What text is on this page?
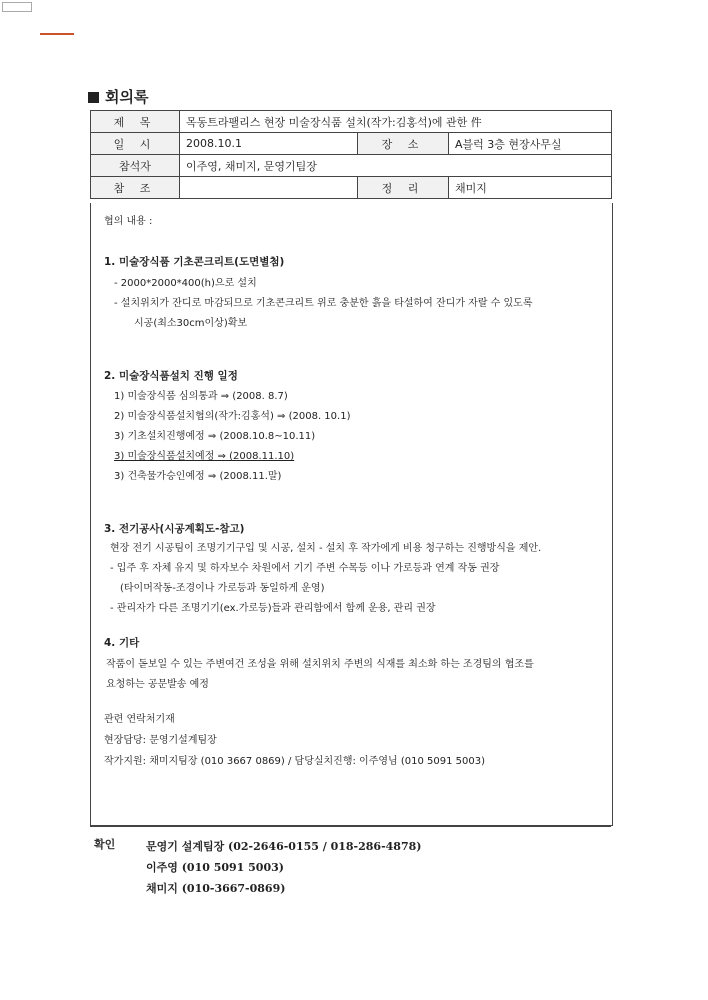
회의록
제 목	목동트라팰리스 현장 미술장식품 설치(작가:김홍석)에 관한 件		
일 시	2008.10.1	장 소	A블럭 3층 현장사무실
참석자	이주영, 채미지, 문영기팀장		
참 조		정 리	채미지

협의 내용 :

1. 미술장식품 기초콘크리트(도면별첨)

- 2000*2000*400(h)으로 설치

- 설치위치가 잔디로 마감되므로 기초콘크리트 위로 충분한 흙을 타설하여 잔디가 자랄 수 있도록

시공(최소30cm이상)확보

2. 미술장식품설치 진행 일정

1) 미술장식품 심의통과 ⇒ (2008. 8.7)

2) 미술장식품설치협의(작가:김홍석) ⇒ (2008. 10.1)

3) 기초설치진행예정 ⇒ (2008.10.8~10.11)

3) 미술장식품설치예정 ⇒ (2008.11.10)

3) 건축물가승인예정 ⇒ (2008.11.말)

3. 전기공사(시공계획도-참고)

현장 전기 시공팀이 조명기기구입 및 시공, 설치 - 설치 후 작가에게 비용 청구하는 진행방식을 제안.

- 입주 후 자체 유지 및 하자보수 차원에서 기기 주변 수목등 이나 가로등과 연계 작동 권장

(타이머작동-조경이나 가로등과 동일하게 운영)

- 관리자가 다른 조명기기(ex.가로등)들과 관리함에서 함께 운용, 관리 권장

4. 기타

작품이 돋보일 수 있는 주변여건 조성을 위해 설치위치 주변의 식재를 최소화 하는 조경팀의 협조를

요청하는 공문발송 예정

관련 연락처기재

현장담당: 문영기설계팀장

작가지원: 채미지팀장 (010 3667 0869) / 담당실치진행: 이주영님 (010 5091 5003)

확인	문영기 설계팀장 (02-2646-0155 / 018-286-4878)

이주영 (010 5091 5003)

채미지 (010-3667-0869)
